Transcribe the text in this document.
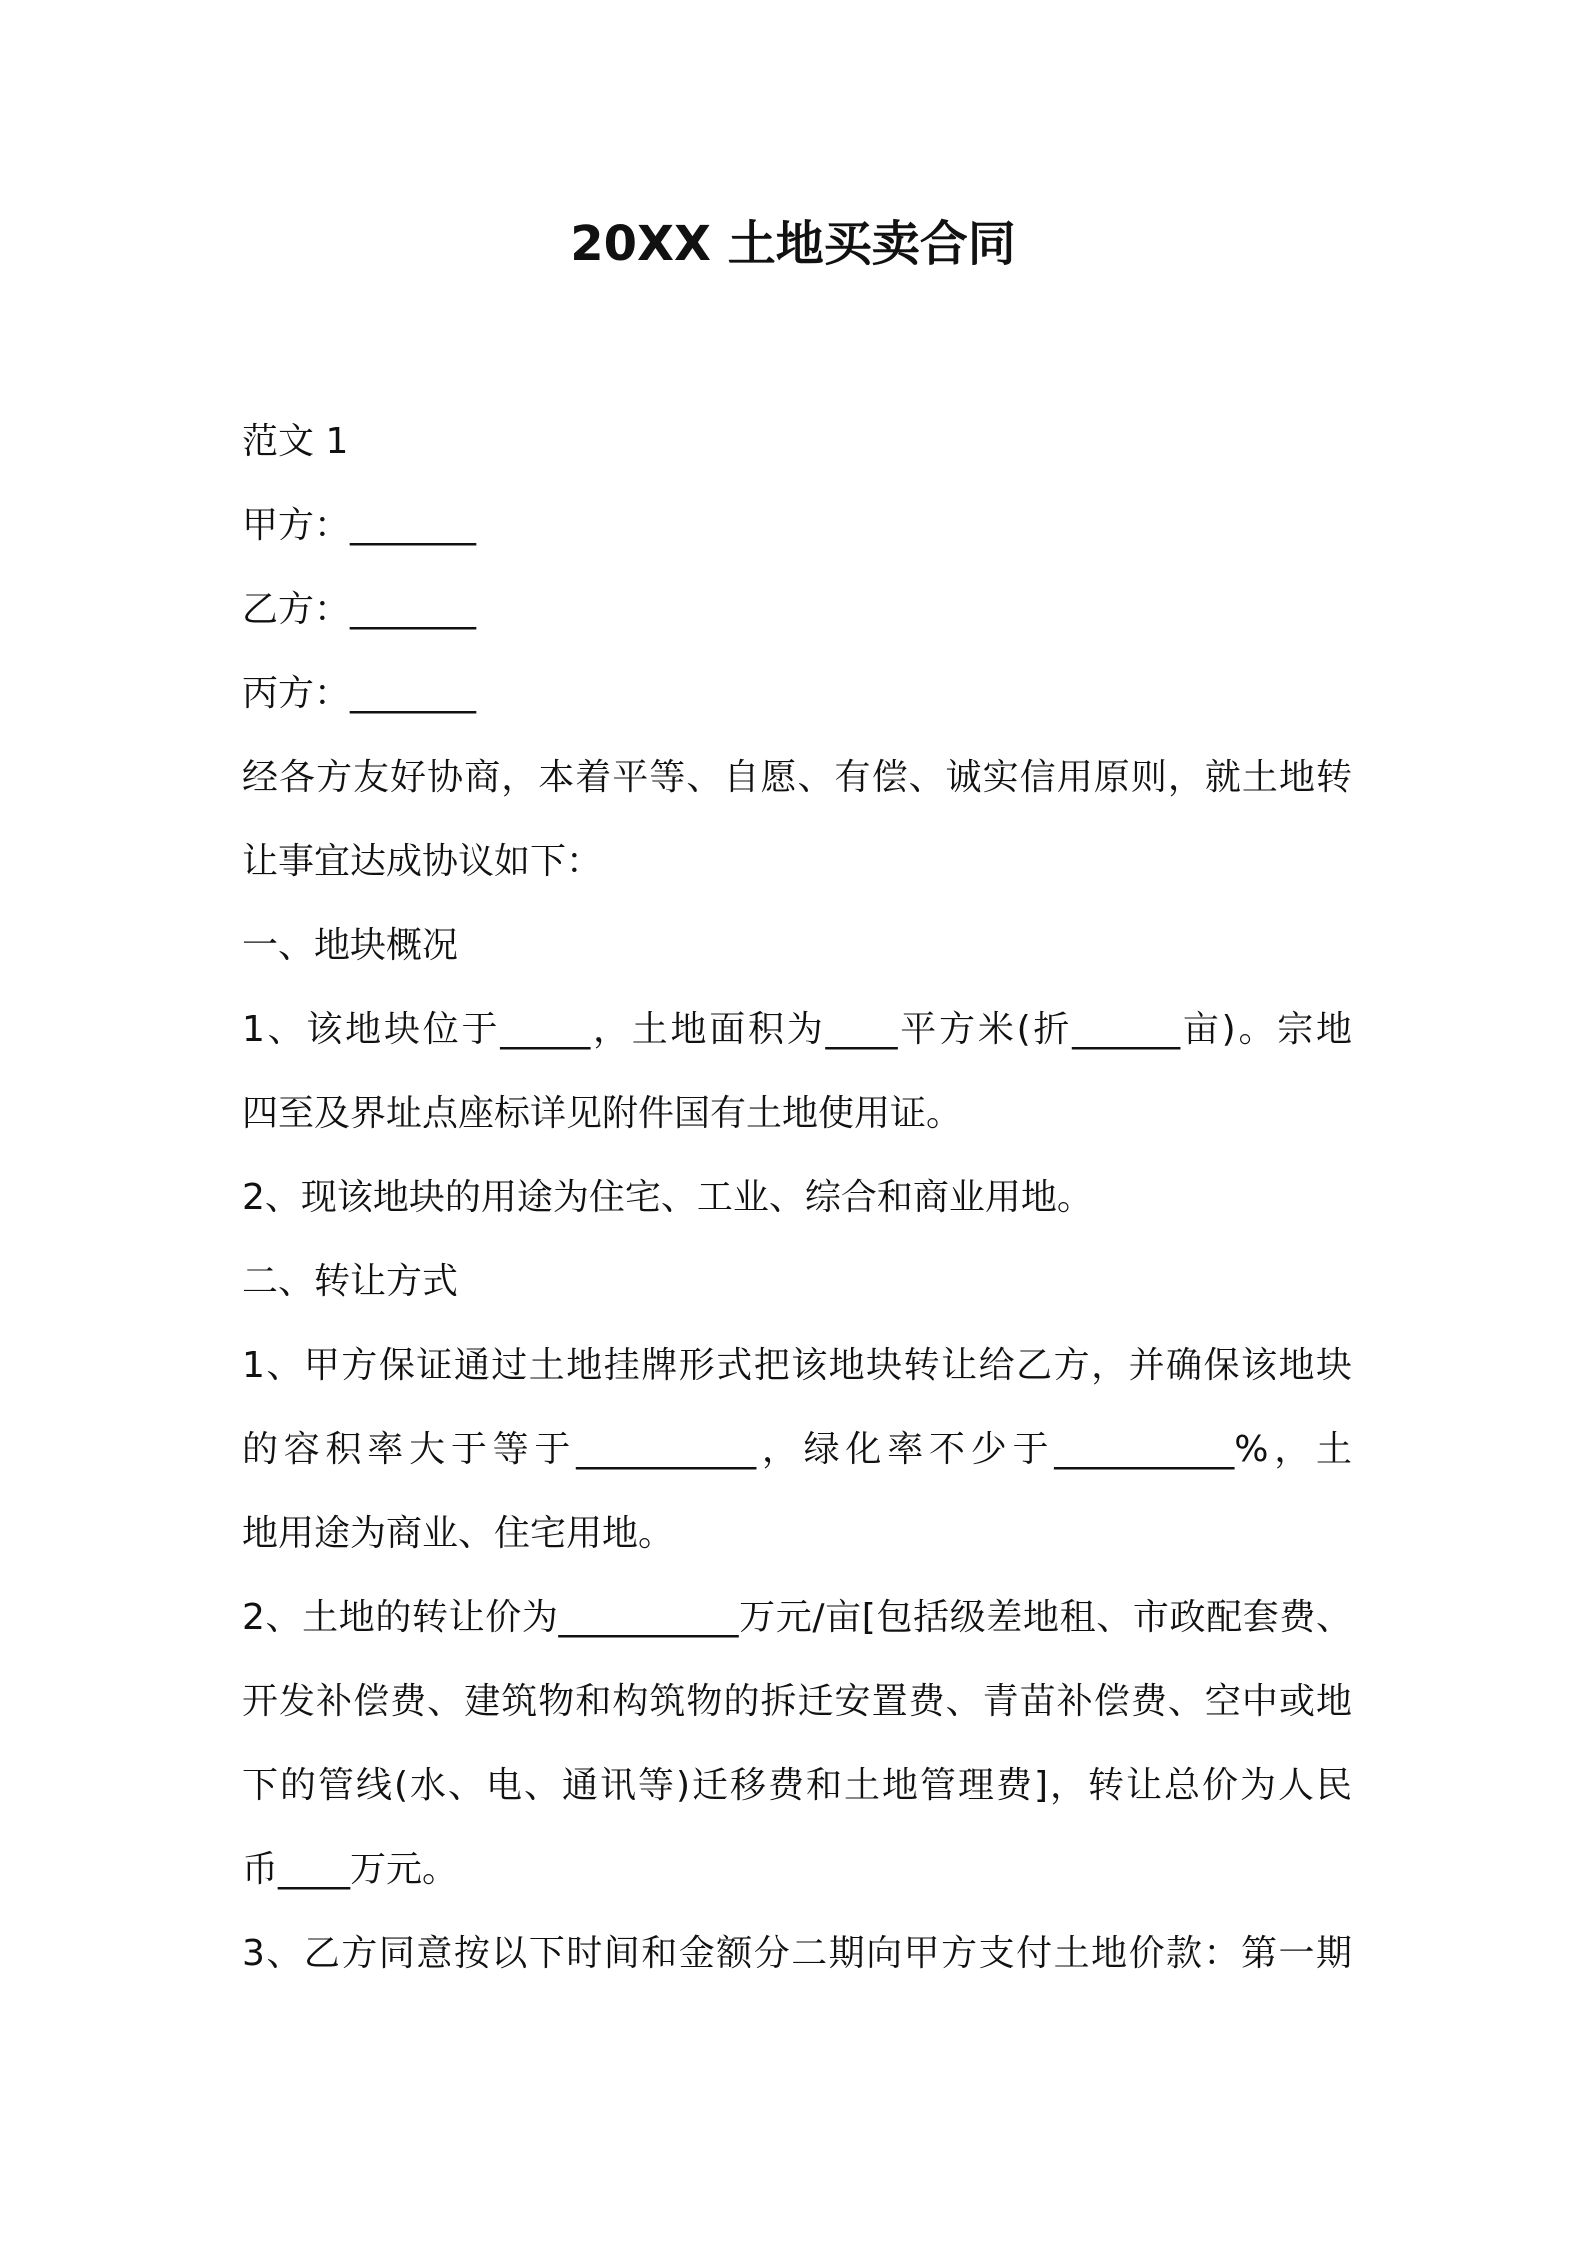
20XX 土地买卖合同
范文 1
甲方：_______
乙方：_______
丙方：_______
经各方友好协商，本着平等、自愿、有偿、诚实信用原则，就土地转
让事宜达成协议如下：
一、地块概况
1、该地块位于_____，土地面积为____平方米(折______亩)。宗地
四至及界址点座标详见附件国有土地使用证。
2、现该地块的用途为住宅、工业、综合和商业用地。
二、转让方式
1、甲方保证通过土地挂牌形式把该地块转让给乙方，并确保该地块
的容积率大于等于__________，绿化率不少于__________%，土
地用途为商业、住宅用地。
2、土地的转让价为__________万元/亩[包括级差地租、市政配套费、
开发补偿费、建筑物和构筑物的拆迁安置费、青苗补偿费、空中或地
下的管线(水、电、通讯等)迁移费和土地管理费]，转让总价为人民
币____万元。
3、乙方同意按以下时间和金额分二期向甲方支付土地价款：第一期
